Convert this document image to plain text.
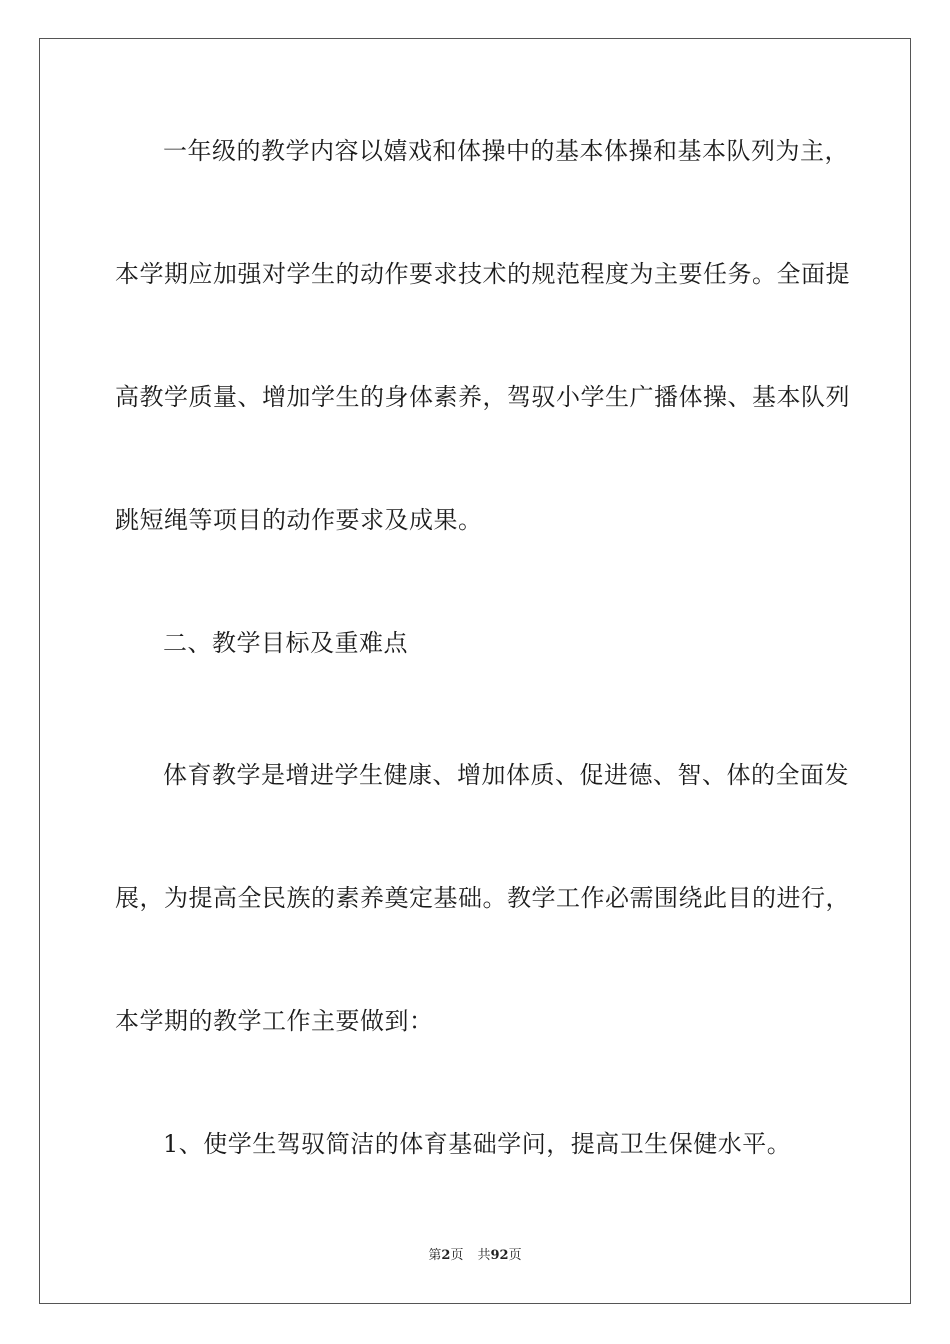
一年级的教学内容以嬉戏和体操中的基本体操和基本队列为主，
本学期应加强对学生的动作要求技术的规范程度为主要任务。全面提
高教学质量、增加学生的身体素养，驾驭小学生广播体操、基本队列
跳短绳等项目的动作要求及成果。
二、教学目标及重难点
体育教学是增进学生健康、增加体质、促进德、智、体的全面发
展，为提高全民族的素养奠定基础。教学工作必需围绕此目的进行，
本学期的教学工作主要做到：
1、使学生驾驭简洁的体育基础学问，提高卫生保健水平。
第2页 共92页
